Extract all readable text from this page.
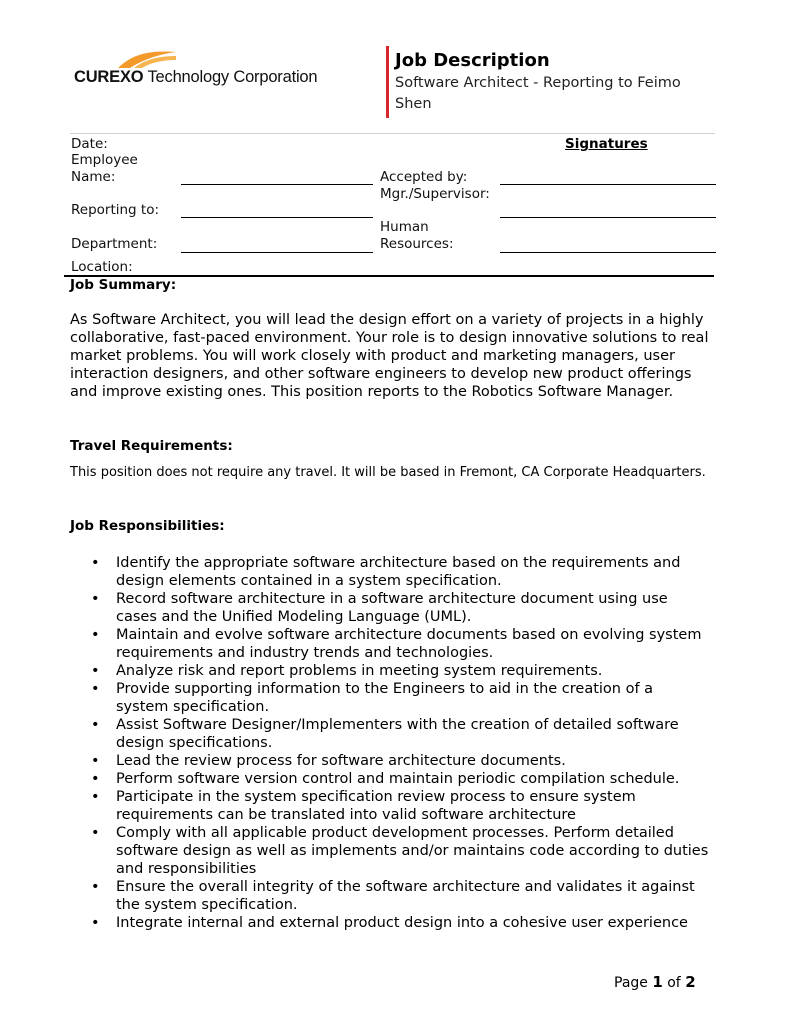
CUREXO Technology Corporation
Job Description
Software Architect - Reporting to Feimo Shen
Date:
Employee Name:
Reporting to:
Department:
Location:
Signatures
Accepted by:
Mgr./Supervisor:
Human Resources:
Job Summary:
As Software Architect, you will lead the design effort on a variety of projects in a highly collaborative, fast-paced environment. Your role is to design innovative solutions to real market problems. You will work closely with product and marketing managers, user interaction designers, and other software engineers to develop new product offerings and improve existing ones. This position reports to the Robotics Software Manager.
Travel Requirements:
This position does not require any travel. It will be based in Fremont, CA Corporate Headquarters.
Job Responsibilities:
• Identify the appropriate software architecture based on the requirements and design elements contained in a system specification.
• Record software architecture in a software architecture document using use cases and the Unified Modeling Language (UML).
• Maintain and evolve software architecture documents based on evolving system requirements and industry trends and technologies.
• Analyze risk and report problems in meeting system requirements.
• Provide supporting information to the Engineers to aid in the creation of a system specification.
• Assist Software Designer/Implementers with the creation of detailed software design specifications.
• Lead the review process for software architecture documents.
• Perform software version control and maintain periodic compilation schedule.
• Participate in the system specification review process to ensure system requirements can be translated into valid software architecture
• Comply with all applicable product development processes. Perform detailed software design as well as implements and/or maintains code according to duties and responsibilities
• Ensure the overall integrity of the software architecture and validates it against the system specification.
• Integrate internal and external product design into a cohesive user experience
Page 1 of 2
